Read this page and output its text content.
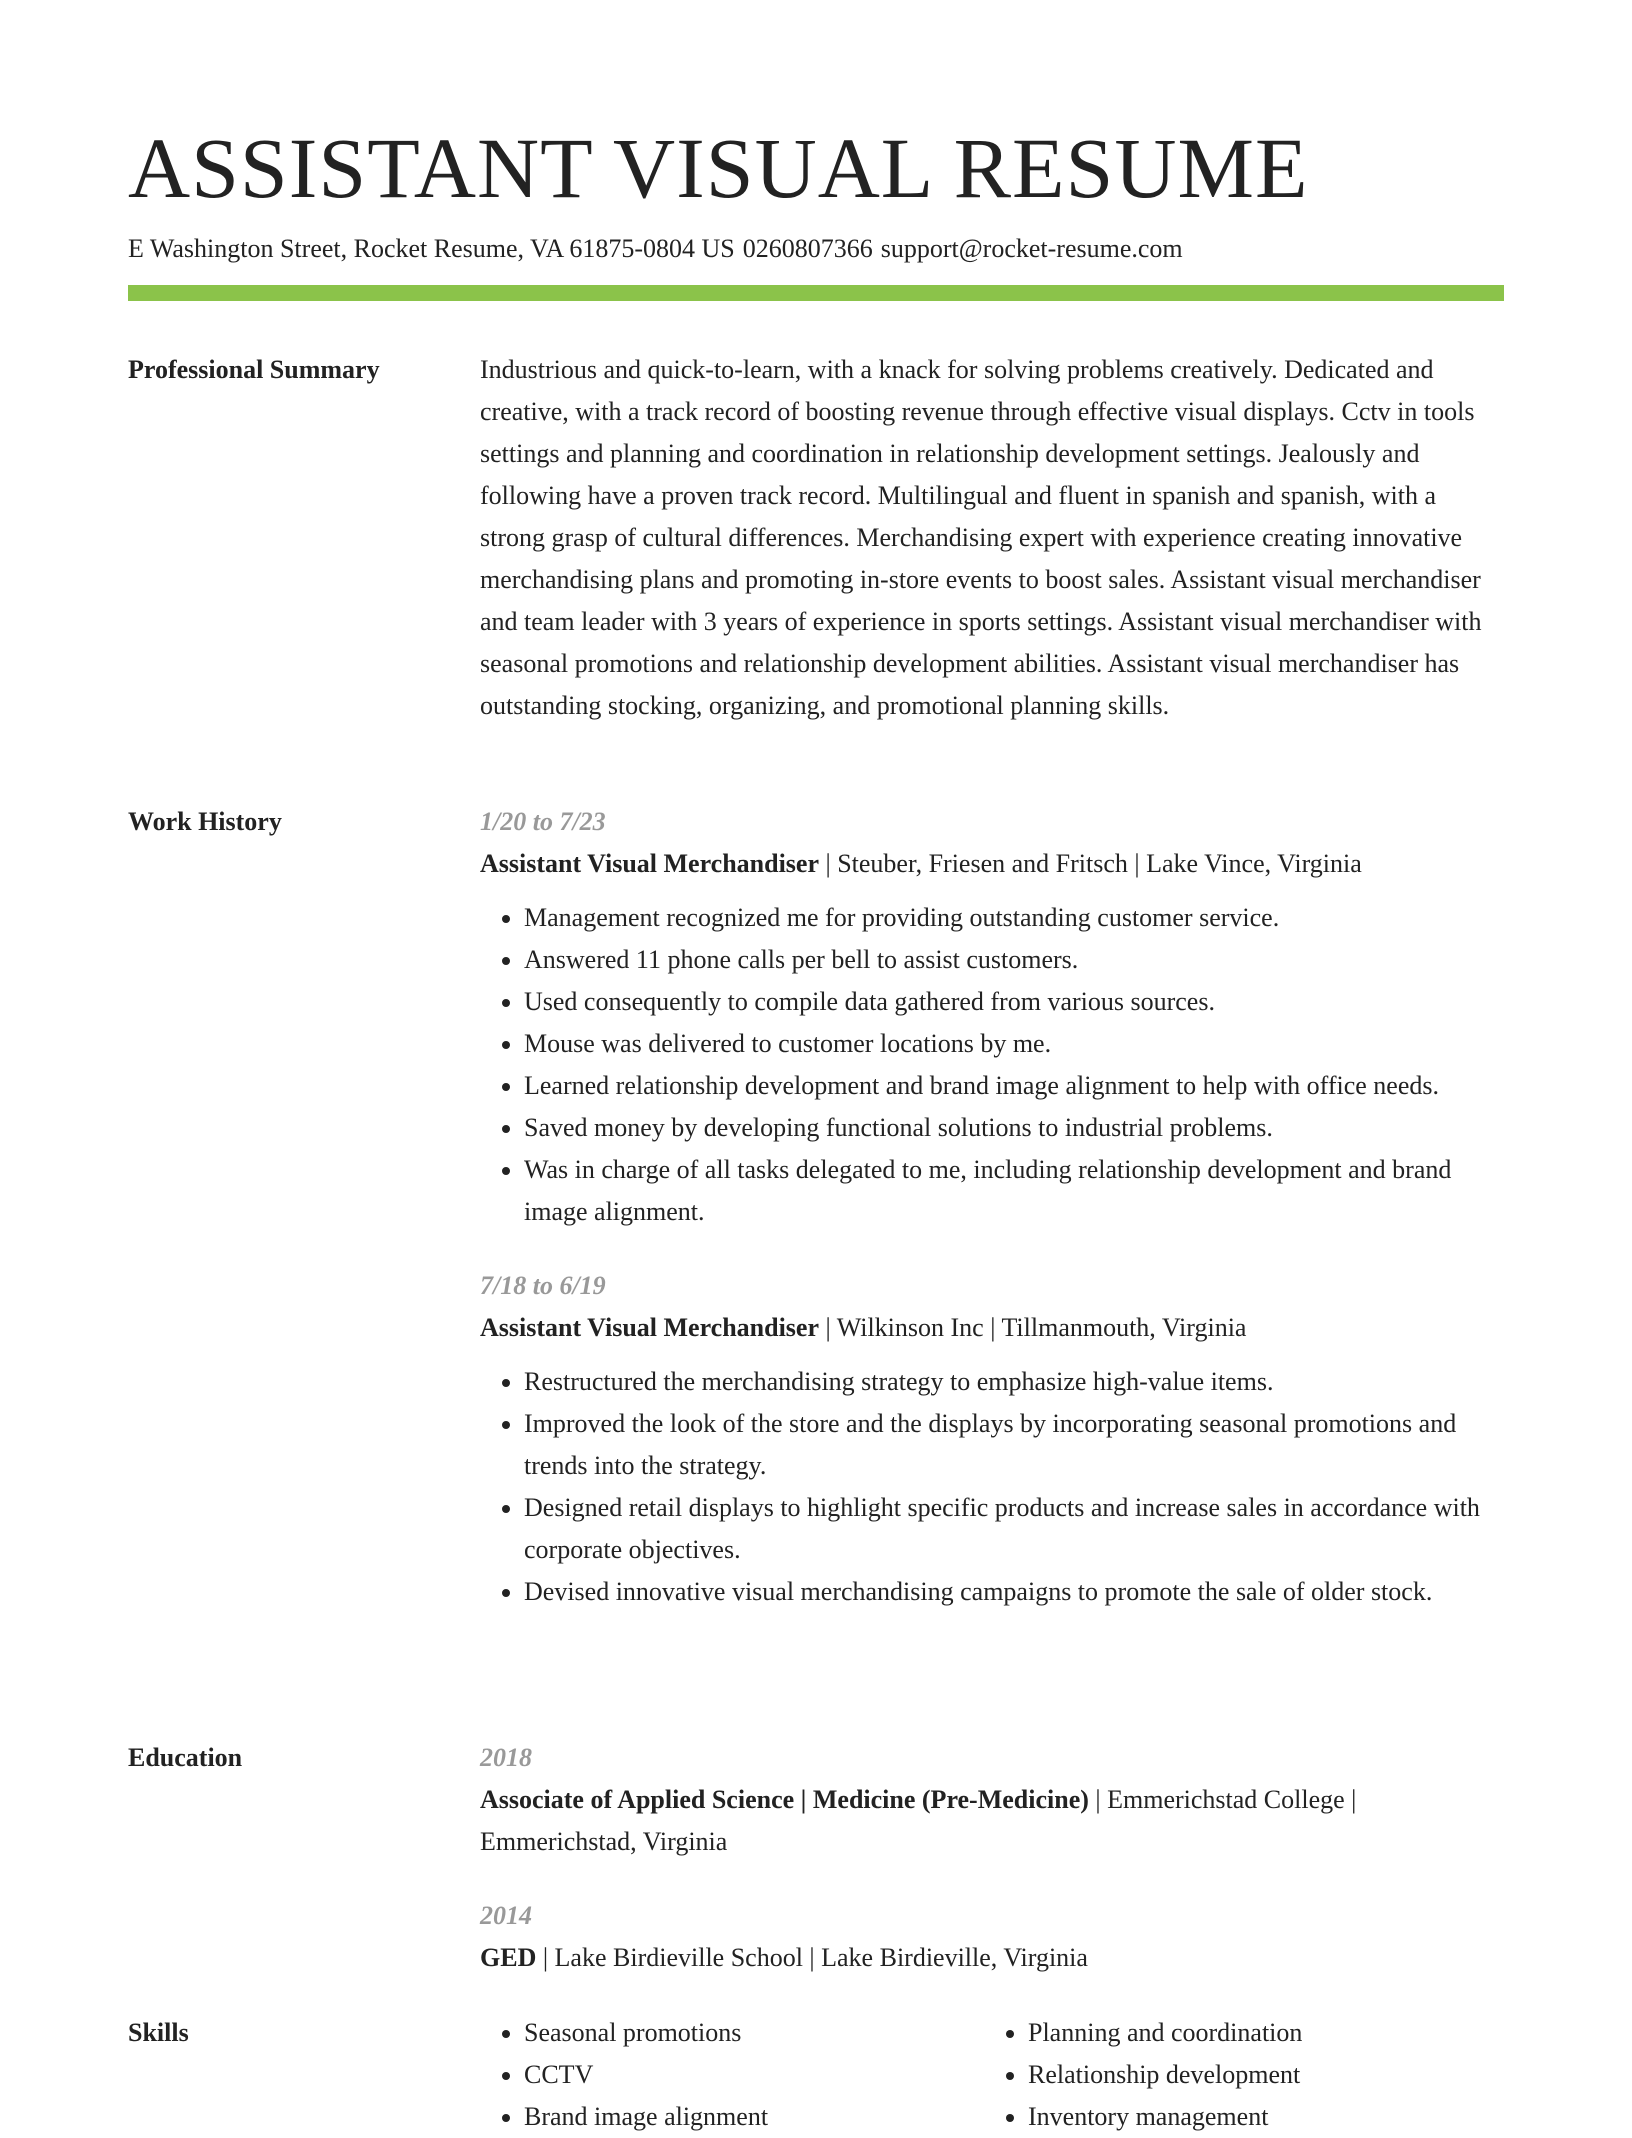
ASSISTANT VISUAL RESUME
E Washington Street, Rocket Resume, VA 61875-0804 US 0260807366 support@rocket-resume.com
Professional Summary	Industrious and quick-to-learn, with a knack for solving problems creatively. Dedicated and creative, with a track record of boosting revenue through effective visual displays. Cctv in tools settings and planning and coordination in relationship development settings. Jealously and following have a proven track record. Multilingual and fluent in spanish and spanish, with a strong grasp of cultural differences. Merchandising expert with experience creating innovative merchandising plans and promoting in-store events to boost sales. Assistant visual merchandiser and team leader with 3 years of experience in sports settings. Assistant visual merchandiser with seasonal promotions and relationship development abilities. Assistant visual merchandiser has outstanding stocking, organizing, and promotional planning skills.

Work History	1/20 to 7/23
Assistant Visual Merchandiser | Steuber, Friesen and Fritsch | Lake Vince, Virginia
• Management recognized me for providing outstanding customer service.
• Answered 11 phone calls per bell to assist customers.
• Used consequently to compile data gathered from various sources.
• Mouse was delivered to customer locations by me.
• Learned relationship development and brand image alignment to help with office needs.
• Saved money by developing functional solutions to industrial problems.
• Was in charge of all tasks delegated to me, including relationship development and brand image alignment.
7/18 to 6/19
Assistant Visual Merchandiser | Wilkinson Inc | Tillmanmouth, Virginia
• Restructured the merchandising strategy to emphasize high-value items.
• Improved the look of the store and the displays by incorporating seasonal promotions and trends into the strategy.
• Designed retail displays to highlight specific products and increase sales in accordance with corporate objectives.
• Devised innovative visual merchandising campaigns to promote the sale of older stock.
Education	2018
Associate of Applied Science | Medicine (Pre-Medicine) | Emmerichstad College | Emmerichstad, Virginia
2014
GED | Lake Birdieville School | Lake Birdieville, Virginia
Skills
•	Seasonal promotions
• CCTV
• Brand image alignment
• Planning and coordination
• Relationship development
• Inventory management
